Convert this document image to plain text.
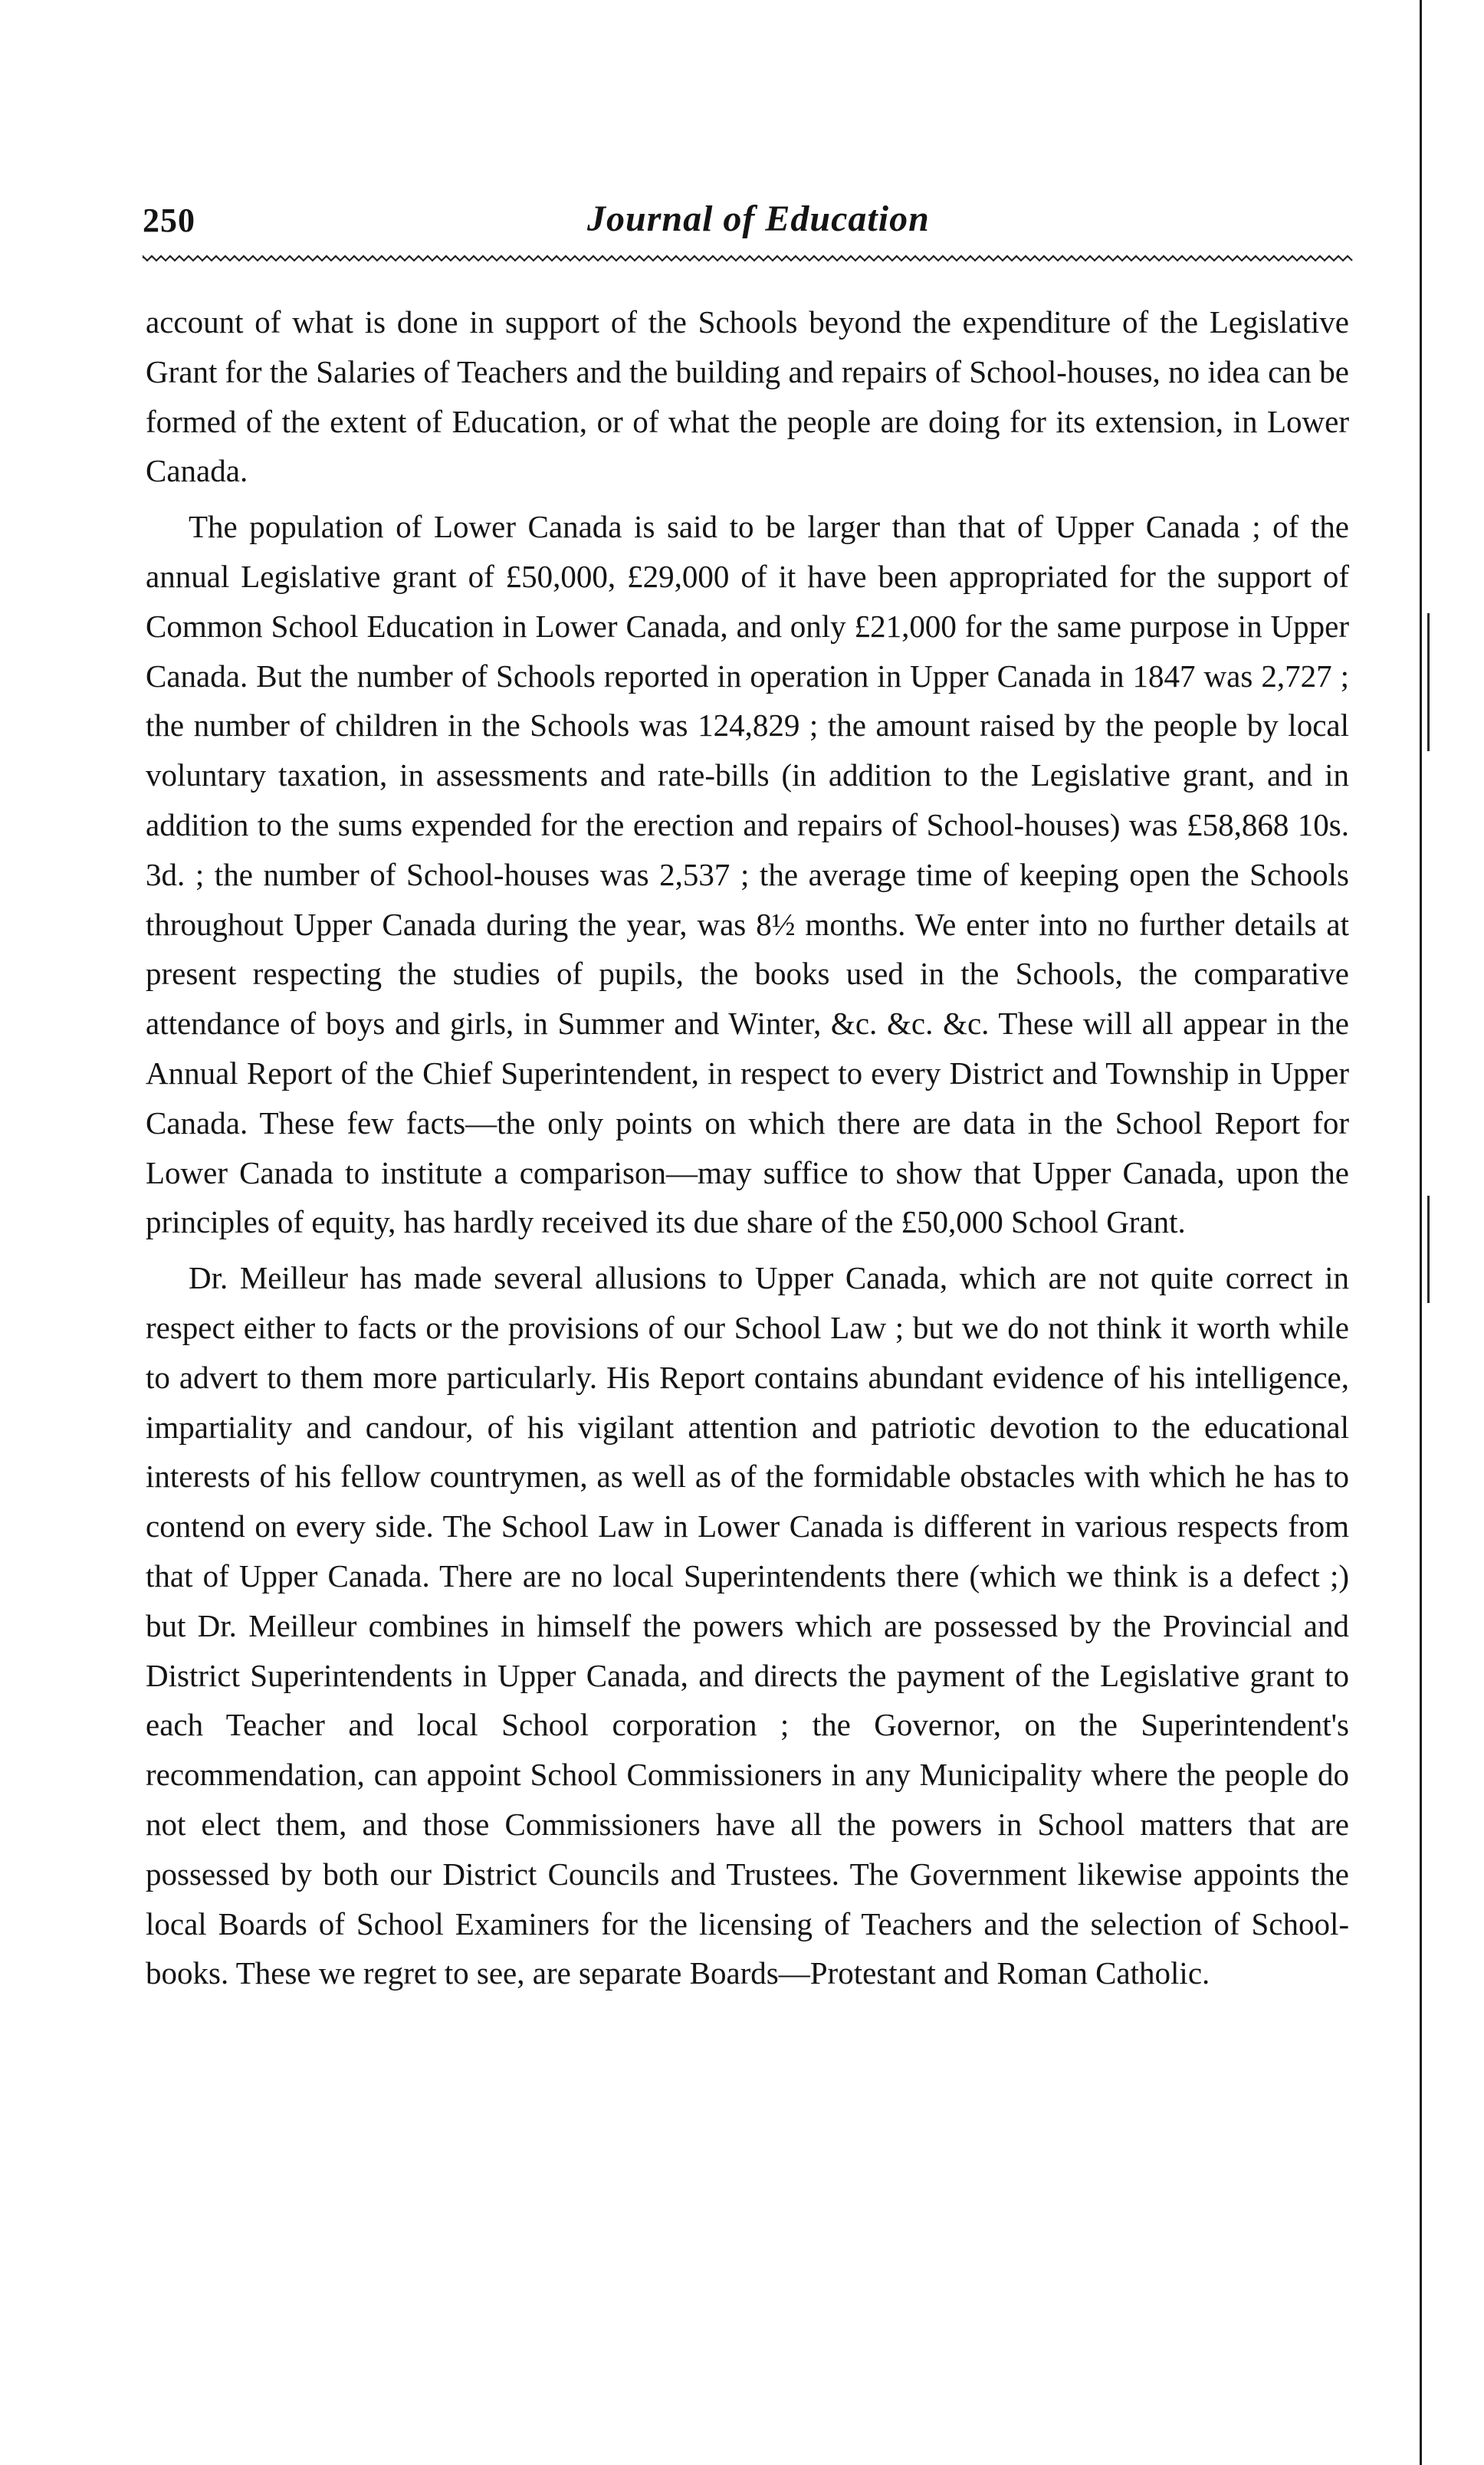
250	Journal of Education

account of what is done in support of the Schools beyond the expenditure of the Legislative Grant for the Salaries of Teachers and the building and repairs of School-houses, no idea can be formed of the extent of Education, or of what the people are doing for its extension, in Lower Canada.

The population of Lower Canada is said to be larger than that of Upper Canada ; of the annual Legislative grant of £50,000, £29,000 of it have been appropriated for the support of Common School Education in Lower Canada, and only £21,000 for the same purpose in Upper Canada. But the number of Schools reported in operation in Upper Canada in 1847 was 2,727 ; the number of children in the Schools was 124,829 ; the amount raised by the people by local voluntary taxation, in assessments and rate-bills (in addition to the Legislative grant, and in addition to the sums expended for the erection and repairs of School-houses) was £58,868 10s. 3d. ; the number of School-houses was 2,537 ; the average time of keeping open the Schools throughout Upper Canada during the year, was 8½ months. We enter into no further details at present respecting the studies of pupils, the books used in the Schools, the comparative attendance of boys and girls, in Summer and Winter, &c. &c. &c. These will all appear in the Annual Report of the Chief Superintendent, in respect to every District and Township in Upper Canada. These few facts—the only points on which there are data in the School Report for Lower Canada to institute a comparison—may suffice to show that Upper Canada, upon the principles of equity, has hardly received its due share of the £50,000 School Grant.

Dr. Meilleur has made several allusions to Upper Canada, which are not quite correct in respect either to facts or the provisions of our School Law ; but we do not think it worth while to advert to them more particularly. His Report contains abundant evidence of his intelligence, impartiality and candour, of his vigilant attention and patriotic devotion to the educational interests of his fellow countrymen, as well as of the formidable obstacles with which he has to contend on every side. The School Law in Lower Canada is different in various respects from that of Upper Canada. There are no local Superintendents there (which we think is a defect ;) but Dr. Meilleur combines in himself the powers which are possessed by the Provincial and District Superintendents in Upper Canada, and directs the payment of the Legislative grant to each Teacher and local School corporation ; the Governor, on the Superintendent's recommendation, can appoint School Commissioners in any Municipality where the people do not elect them, and those Commissioners have all the powers in School matters that are possessed by both our District Councils and Trustees. The Government likewise appoints the local Boards of School Examiners for the licensing of Teachers and the selection of School-books. These we regret to see, are separate Boards—Protestant and Roman Catholic.
